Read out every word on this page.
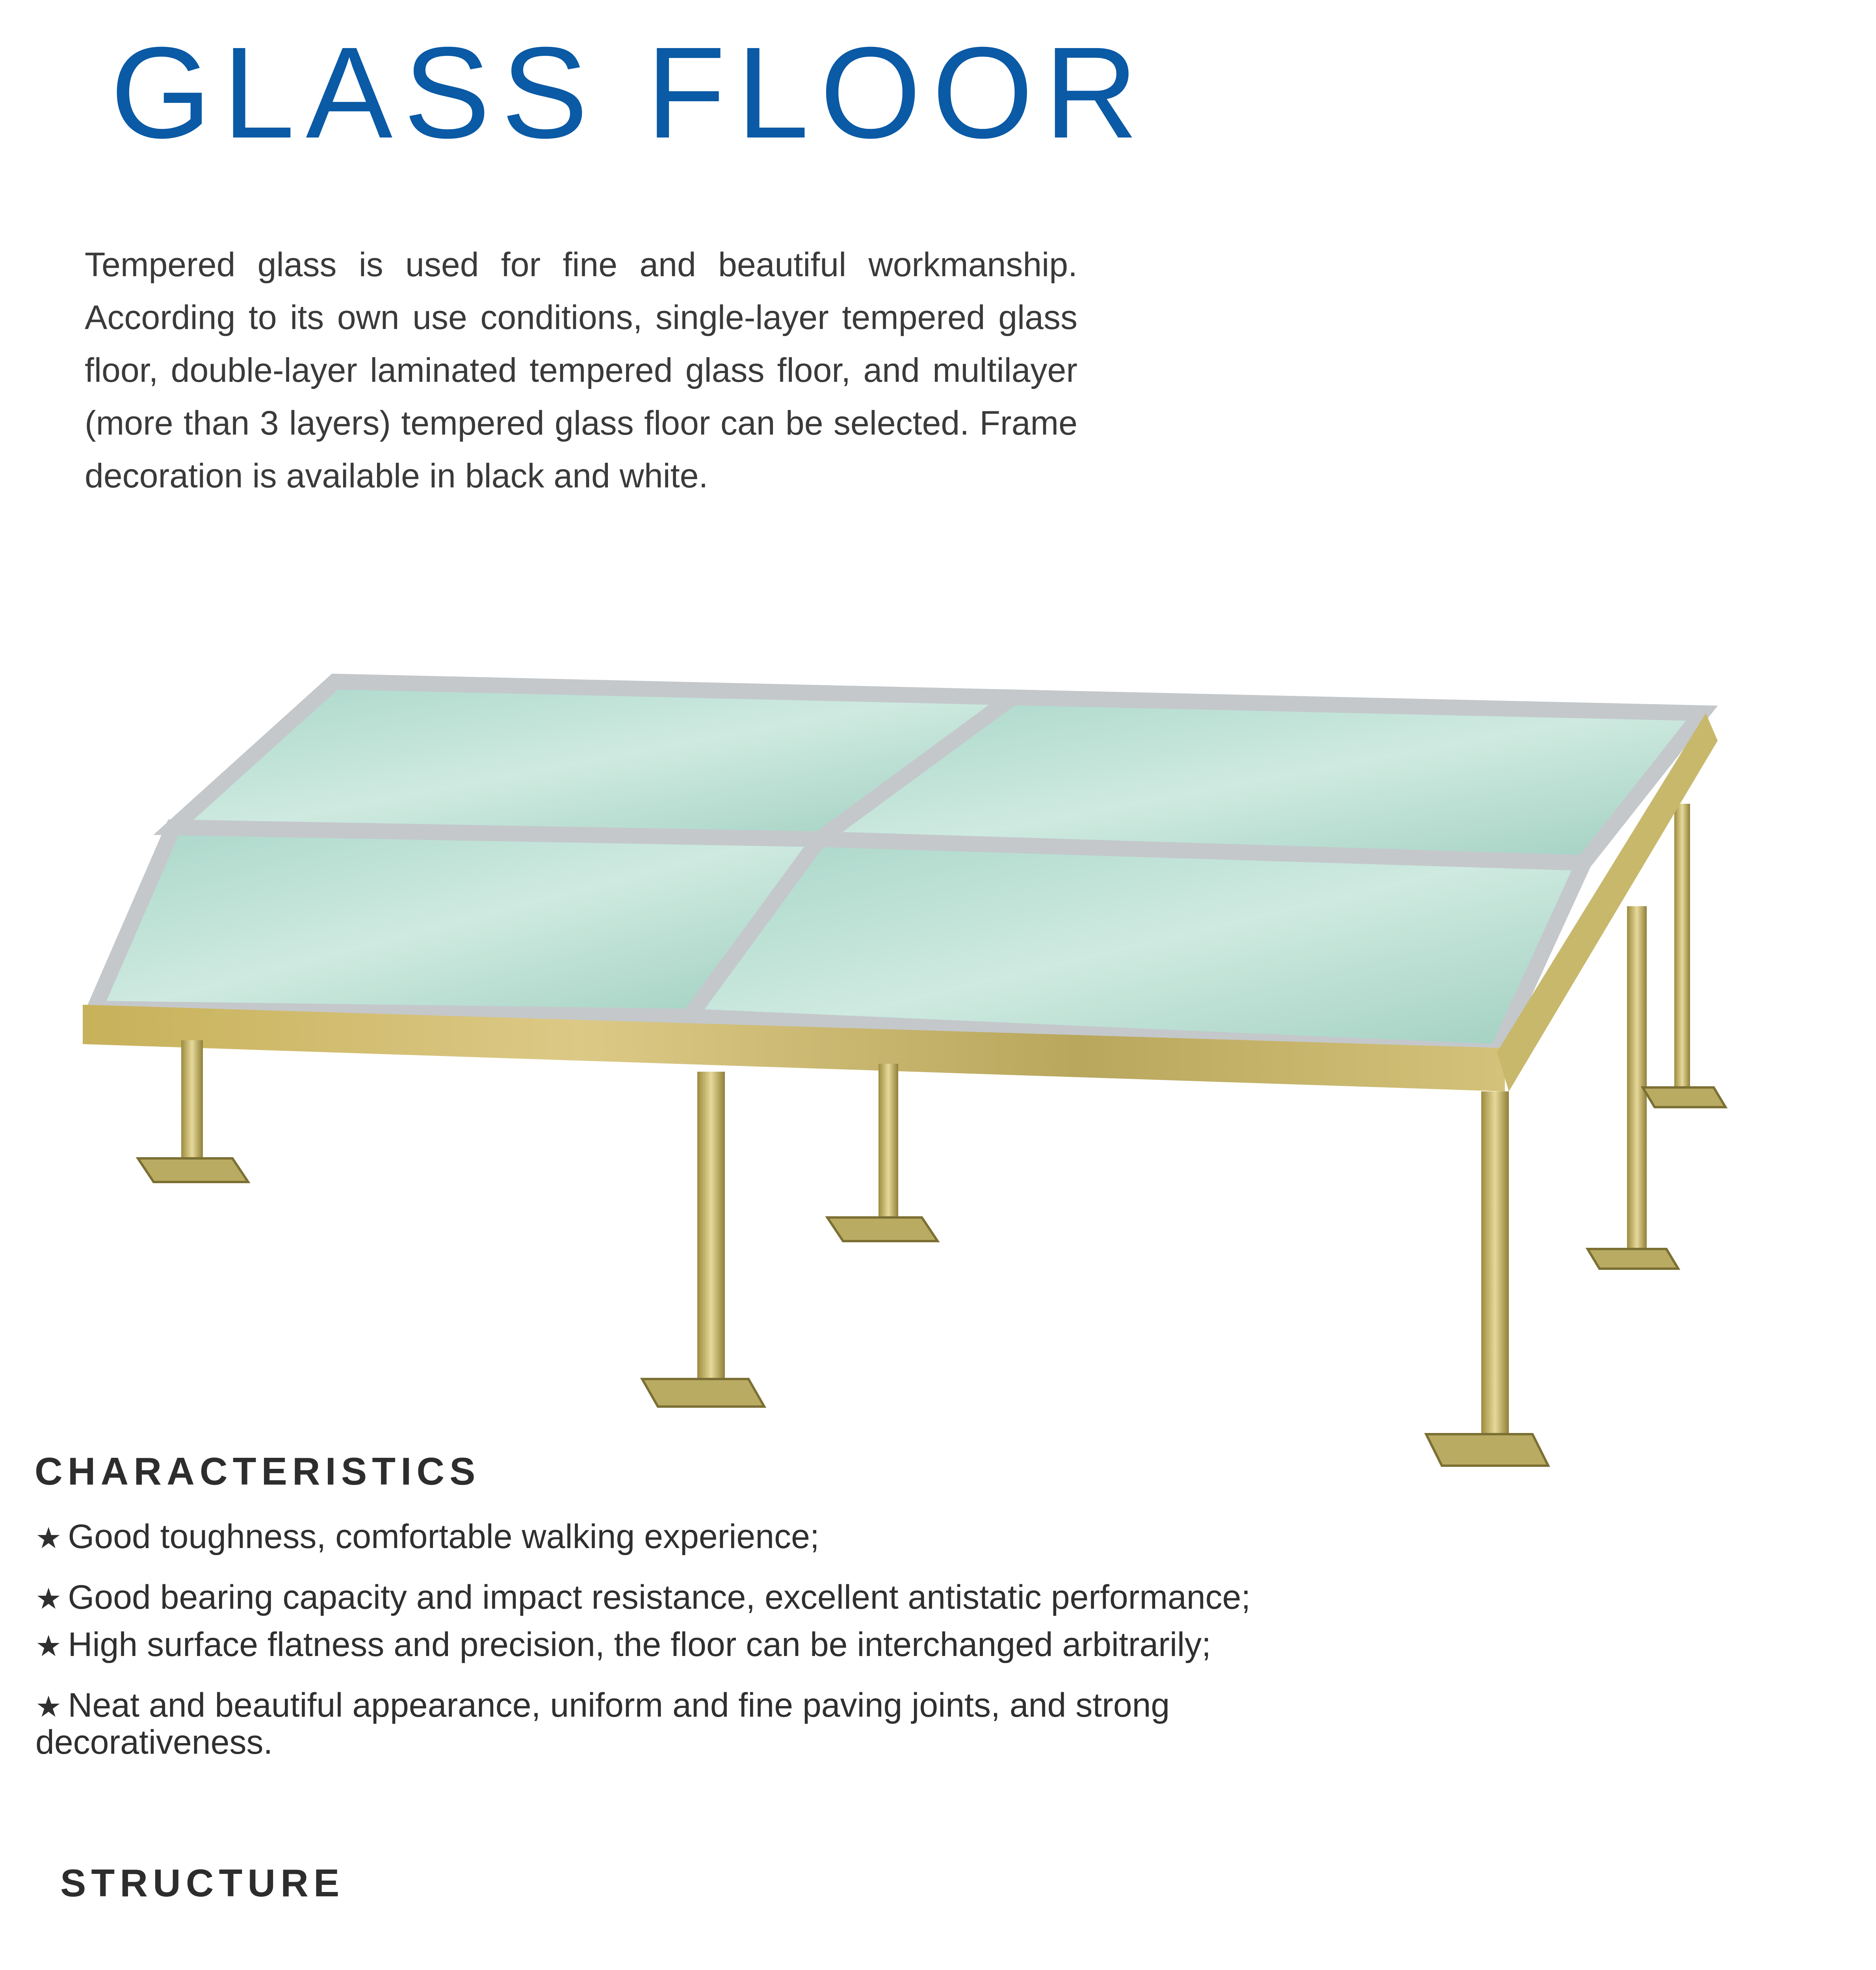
GLASS FLOOR

Tempered glass is used for fine and beautiful workmanship. According to its own use conditions, single-layer tempered glass floor, double-layer laminated tempered glass floor, and multilayer (more than 3 layers) tempered glass floor can be selected. Frame decoration is available in black and white.

CHARACTERISTICS
★ Good toughness, comfortable walking experience;
★ Good bearing capacity and impact resistance, excellent antistatic performance;
★ High surface flatness and precision, the floor can be interchanged arbitrarily;
★ Neat and beautiful appearance, uniform and fine paving joints, and strong decorativeness.
STRUCTURE
